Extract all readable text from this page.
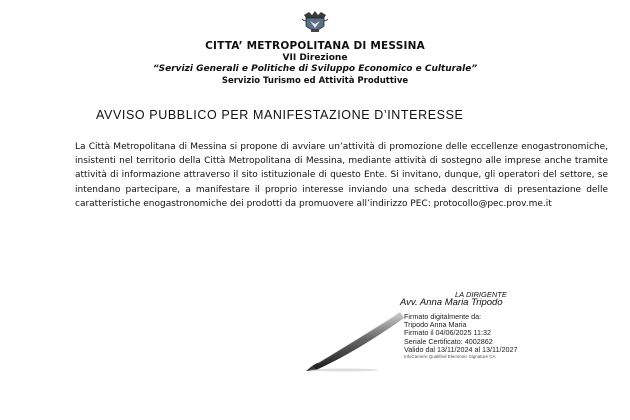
CITTA’ METROPOLITANA DI MESSINA
VII Direzione
“Servizi Generali e Politiche di Sviluppo Economico e Culturale”
Servizio Turismo ed Attività Produttive
AVVISO PUBBLICO PER MANIFESTAZIONE D’INTERESSE
La Città Metropolitana di Messina si propone di avviare un’attività di promozione delle eccellenze enogastronomiche, insistenti nel territorio della Città Metropolitana di Messina, mediante attività di sostegno alle imprese anche tramite attività di informazione attraverso il sito istituzionale di questo Ente. Si invitano, dunque, gli operatori del settore, se intendano partecipare, a manifestare il proprio interesse inviando una scheda descrittiva di presentazione delle caratteristiche enogastronomiche dei prodotti da promuovere all’indirizzo PEC: protocollo@pec.prov.me.it
LA DIRIGENTE
Avv. Anna Maria Tripodo
Firmato digitalmente da:
Tripodo Anna Maria
Firmato il 04/06/2025 11:32
Seriale Certificato: 4002862
Valido dal 13/11/2024 al 13/11/2027
InfoCamere Qualified Electronic Signature CA
